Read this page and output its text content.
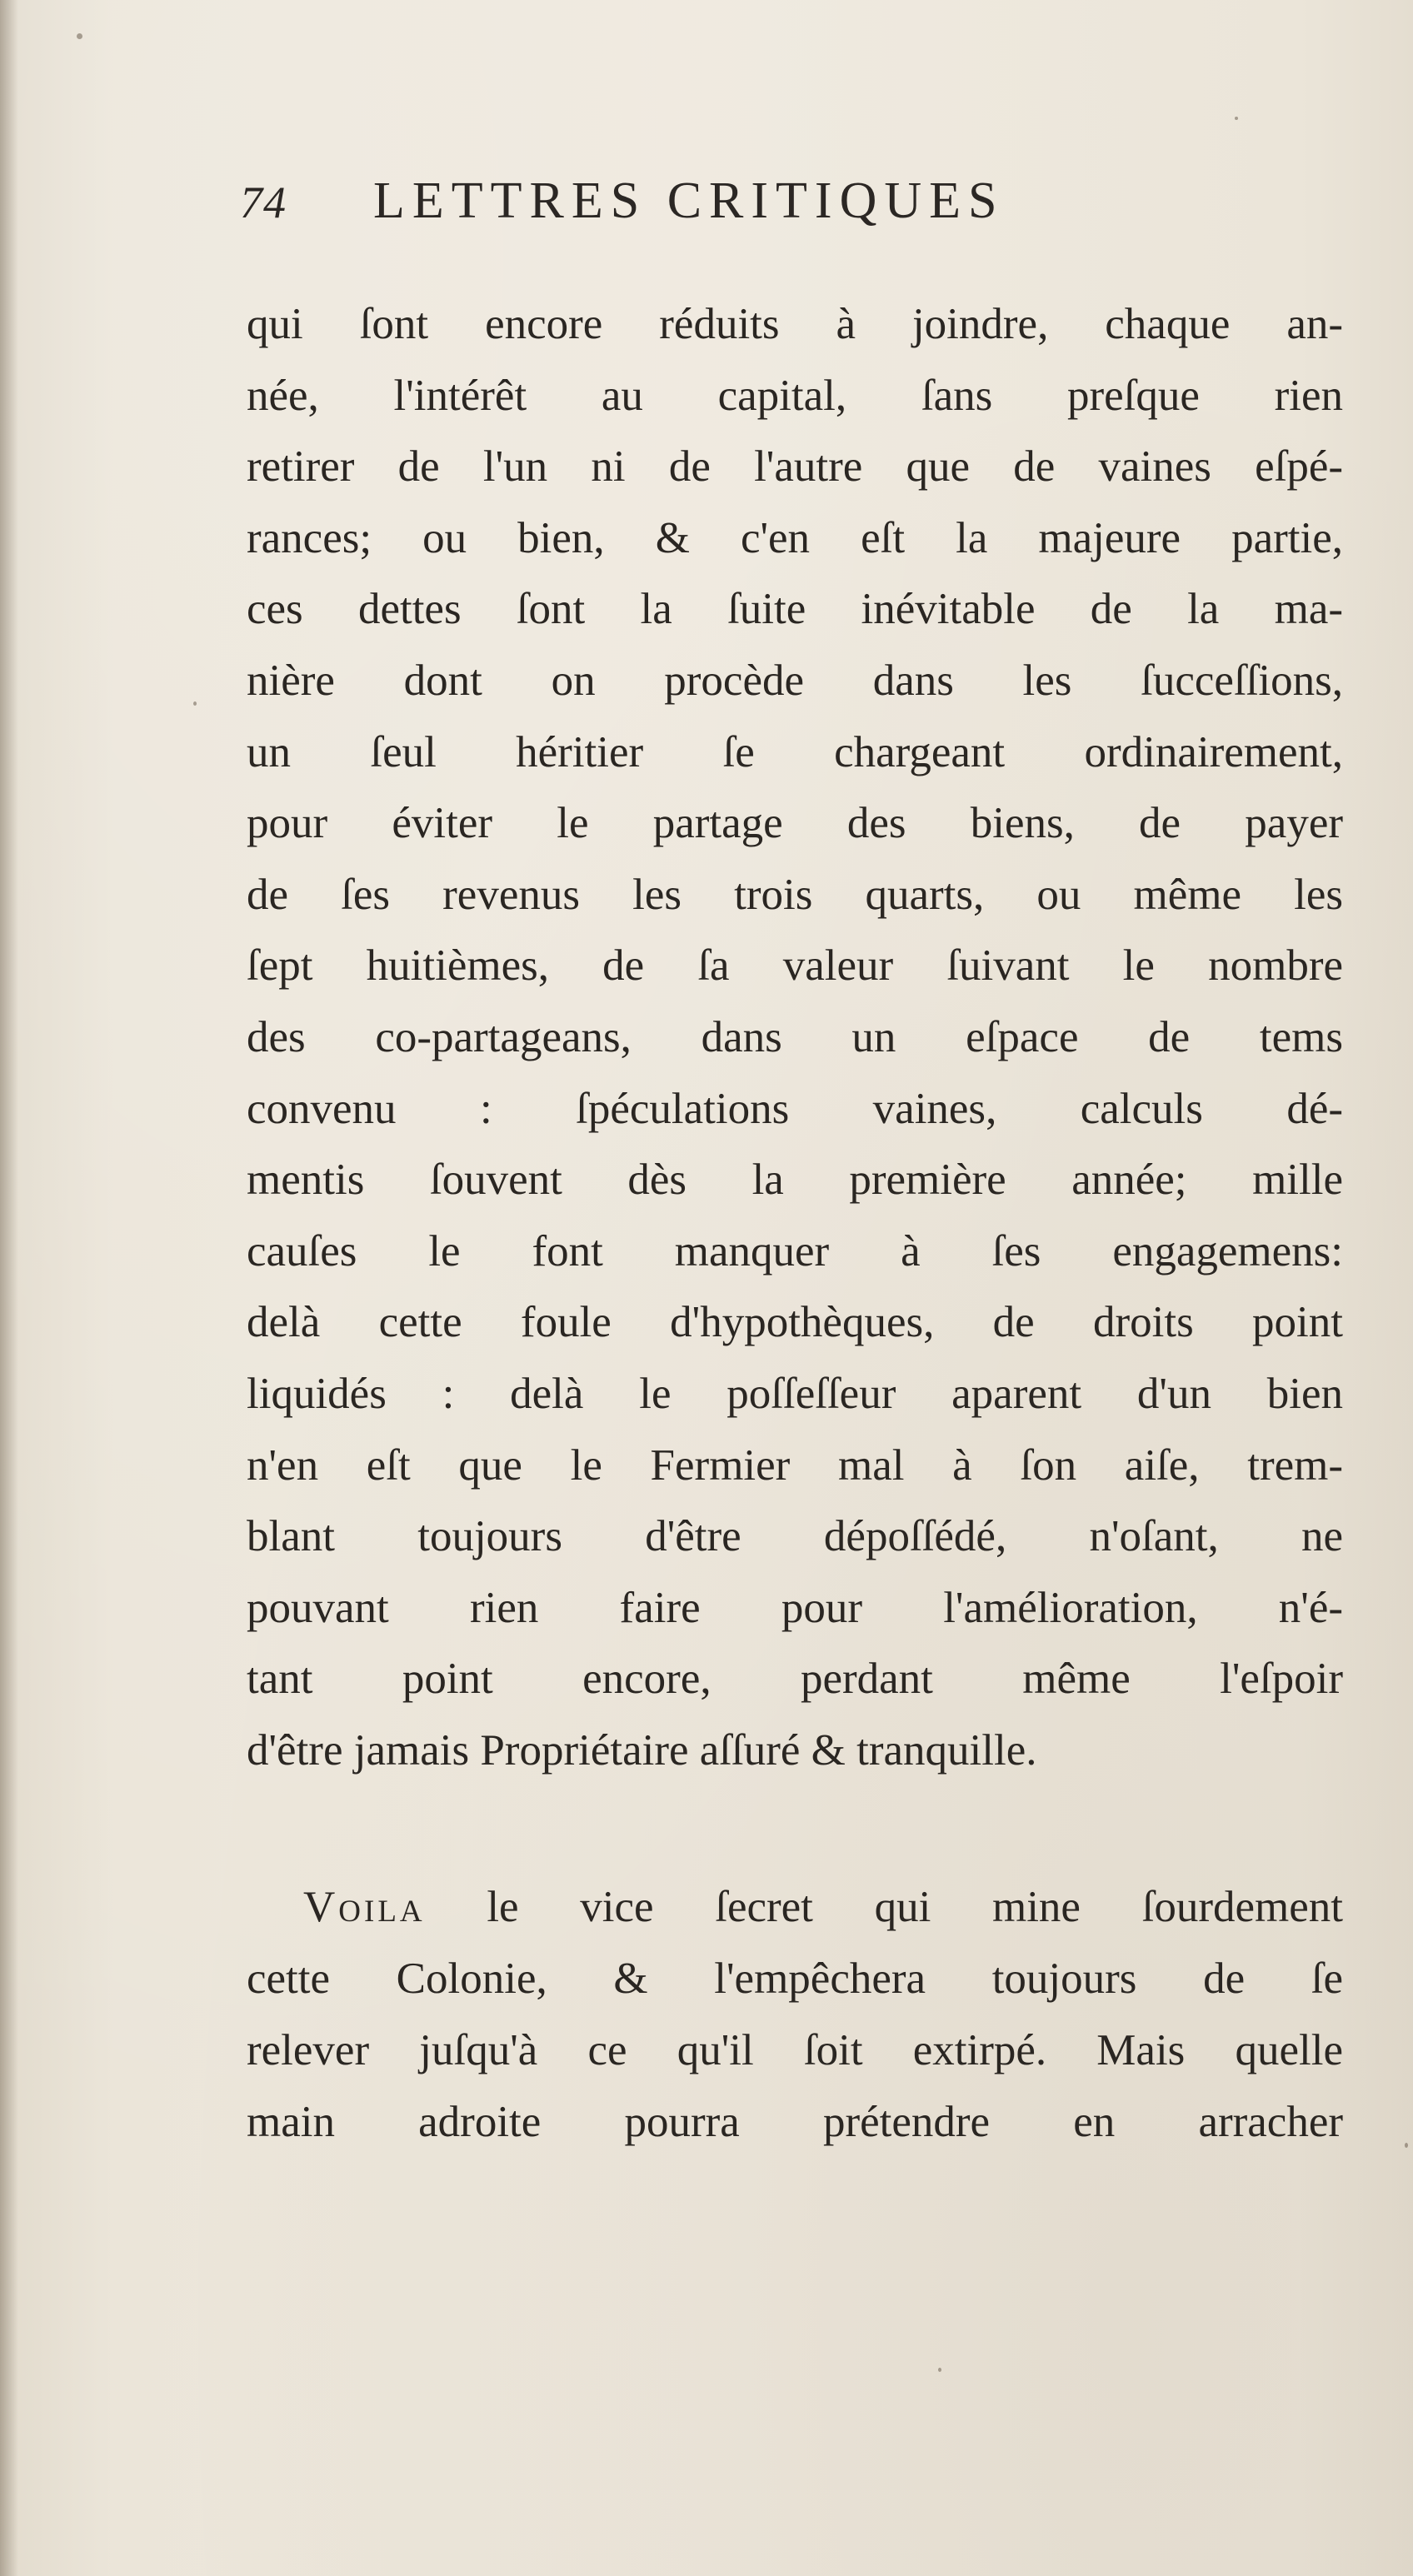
74 LETTRES CRITIQUES
qui ſont encore réduits à joindre, chaque an-
née, l'intérêt au capital, ſans preſque rien
retirer de l'un ni de l'autre que de vaines eſpé-
rances; ou bien, & c'en eſt la majeure partie,
ces dettes ſont la ſuite inévitable de la ma-
nière dont on procède dans les ſucceſſions,
un ſeul héritier ſe chargeant ordinairement,
pour éviter le partage des biens, de payer
de ſes revenus les trois quarts, ou même les
ſept huitièmes, de ſa valeur ſuivant le nombre
des co-partageans, dans un eſpace de tems
convenu : ſpéculations vaines, calculs dé-
mentis ſouvent dès la première année; mille
cauſes le font manquer à ſes engagemens:
delà cette foule d'hypothèques, de droits point
liquidés : delà le poſſeſſeur aparent d'un bien
n'en eſt que le Fermier mal à ſon aiſe, trem-
blant toujours d'être dépoſſédé, n'oſant, ne
pouvant rien faire pour l'amélioration, n'é-
tant point encore, perdant même l'eſpoir
d'être jamais Propriétaire aſſuré & tranquille.
Voila le vice ſecret qui mine ſourdement
cette Colonie, & l'empêchera toujours de ſe
relever juſqu'à ce qu'il ſoit extirpé. Mais quelle
main adroite pourra prétendre en arracher
